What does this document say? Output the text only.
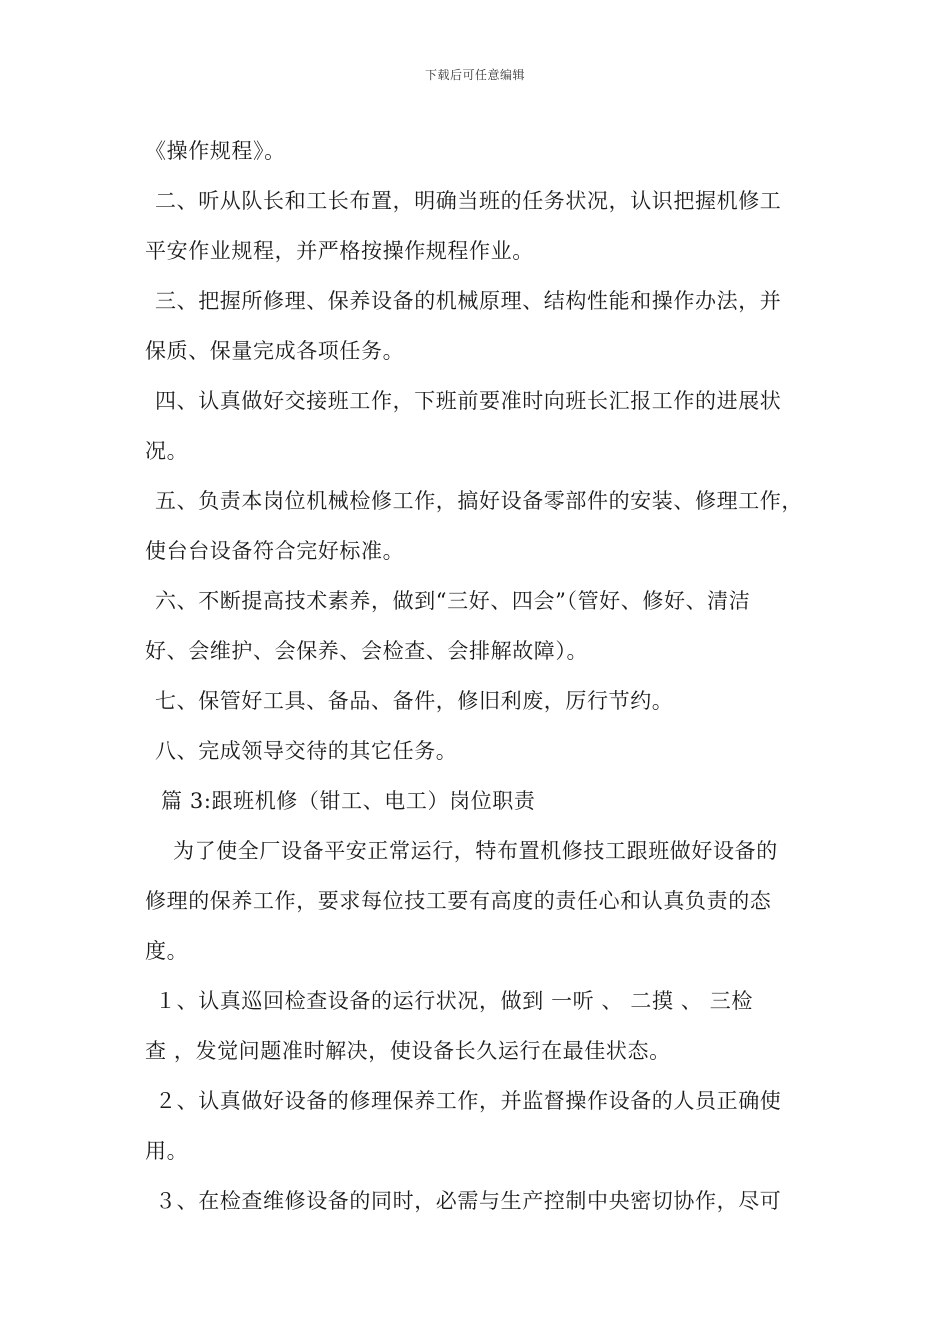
下载后可任意编辑
《操作规程》。
二、听从队长和工长布置，明确当班的任务状况，认识把握机修工
平安作业规程，并严格按操作规程作业。
三、把握所修理、保养设备的机械原理、结构性能和操作办法，并
保质、保量完成各项任务。
四、认真做好交接班工作，下班前要准时向班长汇报工作的进展状
况。
五、负责本岗位机械检修工作，搞好设备零部件的安装、修理工作，
使台台设备符合完好标准。
六、不断提高技术素养，做到“三好、四会”（管好、修好、清洁
好、会维护、会保养、会检查、会排解故障）。
七、保管好工具、备品、备件，修旧利废，厉行节约。
八、完成领导交待的其它任务。
篇 3:跟班机修（钳工、电工）岗位职责
为了使全厂设备平安正常运行，特布置机修技工跟班做好设备的
修理的保养工作，要求每位技工要有高度的责任心和认真负责的态
度。
１、认真巡回检查设备的运行状况，做到 一听 、 二摸 、 三检
查 ，发觉问题准时解决，使设备长久运行在最佳状态。
２、认真做好设备的修理保养工作，并监督操作设备的人员正确使
用。
３、在检查维修设备的同时，必需与生产控制中央密切协作，尽可
